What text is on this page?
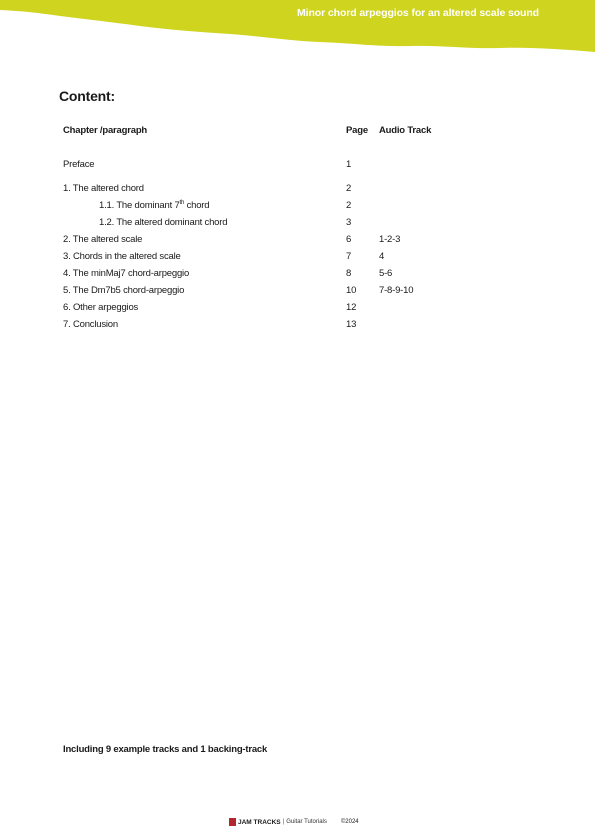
Minor chord arpeggios for an altered scale sound
Content:
Chapter /paragraph	Page Audio Track
Preface	1
1. The altered chord	2
1.1. The dominant 7th chord	2
1.2. The altered dominant chord	3
2. The altered scale	6	1-2-3
3. Chords in the altered scale	7	4
4. The minMaj7 chord-arpeggio	8	5-6
5. The Dm7b5 chord-arpeggio	10 7-8-9-10
6. Other arpeggios	12
7. Conclusion	13
Including 9 example tracks and 1 backing-track
JAM TRACKS | Guitar Tutorials ©2024
